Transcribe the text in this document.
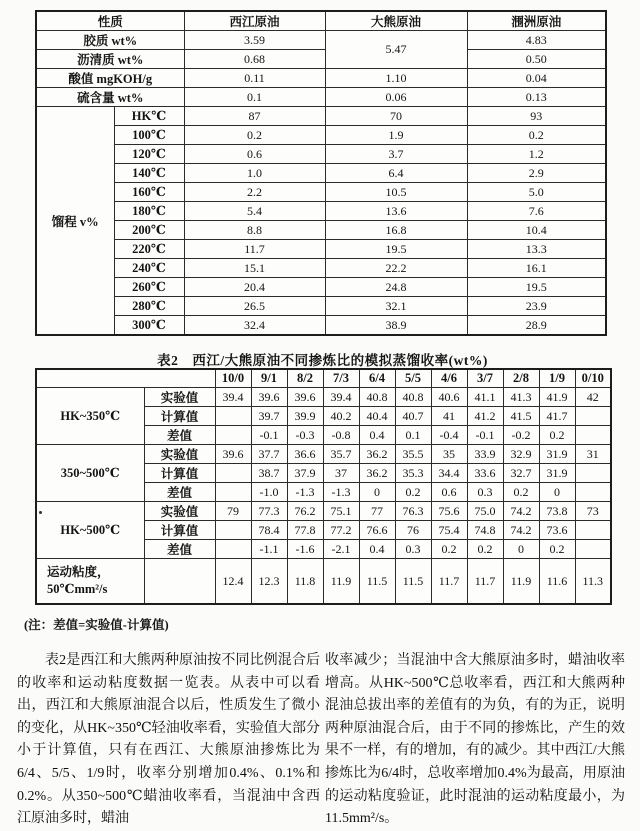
性质		西江原油	大熊原油	涠洲原油
胶质 wt%		3.59	5.47	4.83
沥清质 wt%		0.68		0.50
酸值 mgKOH/g		0.11	1.10	0.04
硫含量 wt%		0.1	0.06	0.13
馏程 v%	HK℃	87	70	93
	100℃	0.2	1.9	0.2
	120℃	0.6	3.7	1.2
	140℃	1.0	6.4	2.9
	160℃	2.2	10.5	5.0
	180℃	5.4	13.6	7.6
	200℃	8.8	16.8	10.4
	220℃	11.7	19.5	13.3
	240℃	15.1	22.2	16.1
	260℃	20.4	24.8	19.5
	280℃	26.5	32.1	23.9
	300℃	32.4	38.9	28.9
表2　西江/大熊原油不同掺炼比的模拟蒸馏收率(wt%)
		10/0	9/1	8/2	7/3	6/4	5/5	4/6	3/7	2/8	1/9	0/10
HK~350℃	实验值	39.4	39.6	39.6	39.4	40.8	40.8	40.6	41.1	41.3	41.9	42
	计算值		39.7	39.9	40.2	40.4	40.7	41	41.2	41.5	41.7	
	差值		-0.1	-0.3	-0.8	0.4	0.1	-0.4	-0.1	-0.2	0.2	
350~500℃	实验值	39.6	37.7	36.6	35.7	36.2	35.5	35	33.9	32.9	31.9	31
	计算值		38.7	37.9	37	36.2	35.3	34.4	33.6	32.7	31.9	
	差值		-1.0	-1.3	-1.3	0	0.2	0.6	0.3	0.2	0	
HK~500℃	实验值	79	77.3	76.2	75.1	77	76.3	75.6	75.0	74.2	73.8	73
	计算值		78.4	77.8	77.2	76.6	76	75.4	74.8	74.2	73.6	
	差值		-1.1	-1.6	-2.1	0.4	0.3	0.2	0.2	0	0.2	

运动粘度，
50℃mm²/s		12.4	12.3	11.8	11.9	11.5	11.5	11.7	11.7	11.9	11.6	11.3
(注：差值=实验值-计算值)
表2是西江和大熊两种原油按不同比例混合后的收率和运动粘度数据一览表。从表中可以看出，西江和大熊原油混合以后，性质发生了微小的变化，从HK~350℃轻油收率看，实验值大部分小于计算值，只有在西江、大熊原油掺炼比为6/4、5/5、1/9时，收率分别增加0.4%、0.1%和0.2%。从350~500℃蜡油收率看，当混油中含西江原油多时，蜡油
收率减少；当混油中含大熊原油多时，蜡油收率增高。从HK~500℃总收率看，西江和大熊两种混油总拔出率的差值有的为负，有的为正，说明两种原油混合后，由于不同的掺炼比，产生的效果不一样，有的增加，有的减少。其中西江/大熊掺炼比为6/4时，总收率增加0.4%为最高，用原油的运动粘度验证，此时混油的运动粘度最小，为11.5mm²/s。
